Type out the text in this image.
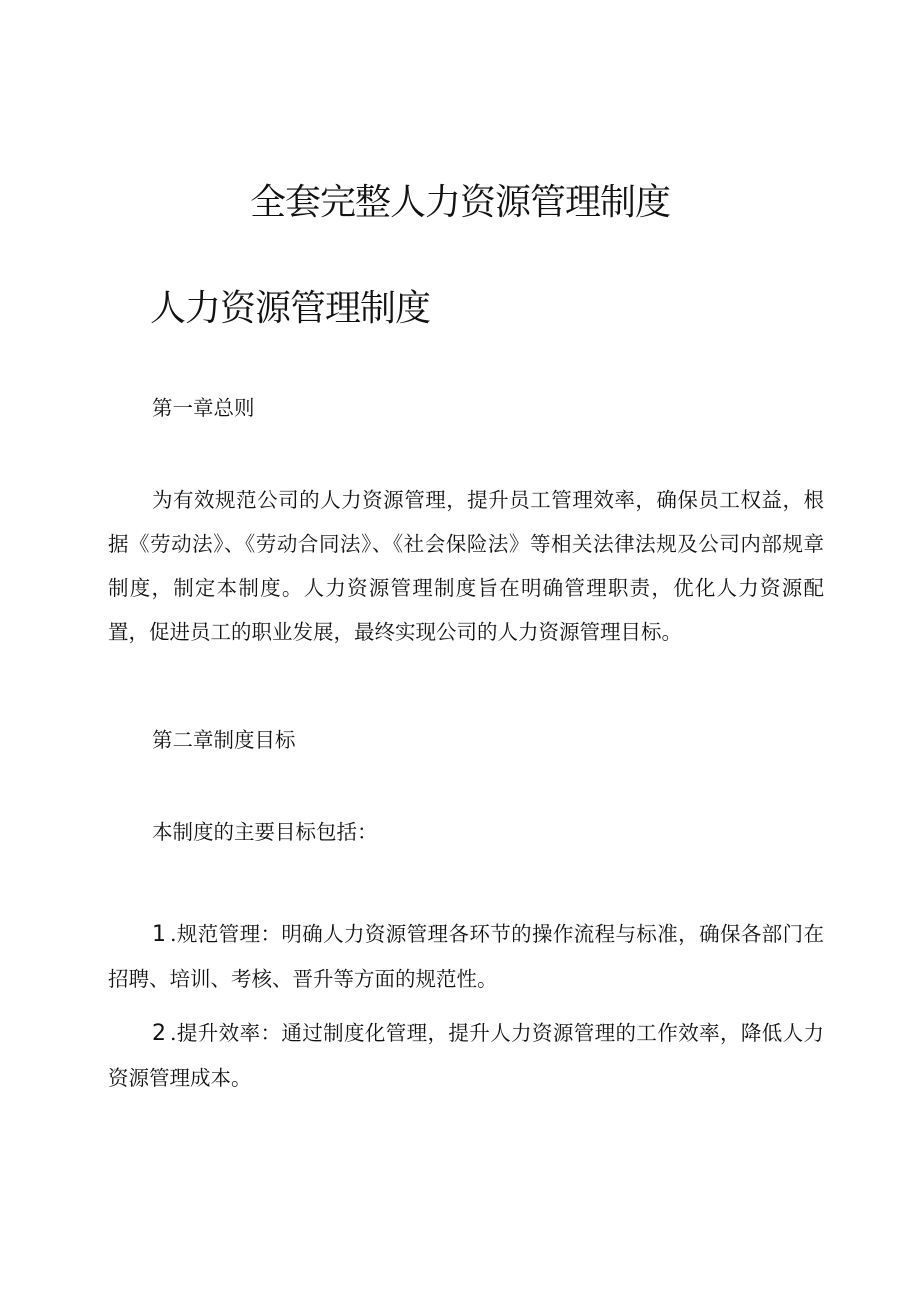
全套完整人力资源管理制度
人力资源管理制度

第一章总则

为有效规范公司的人力资源管理，提升员工管理效率，确保员工权益，根据《劳动法》、《劳动合同法》、《社会保险法》等相关法律法规及公司内部规章制度，制定本制度。人力资源管理制度旨在明确管理职责，优化人力资源配置，促进员工的职业发展，最终实现公司的人力资源管理目标。

第二章制度目标

本制度的主要目标包括：

1 .规范管理：明确人力资源管理各环节的操作流程与标准，确保各部门在招聘、培训、考核、晋升等方面的规范性。

2 .提升效率：通过制度化管理，提升人力资源管理的工作效率，降低人力资源管理成本。
